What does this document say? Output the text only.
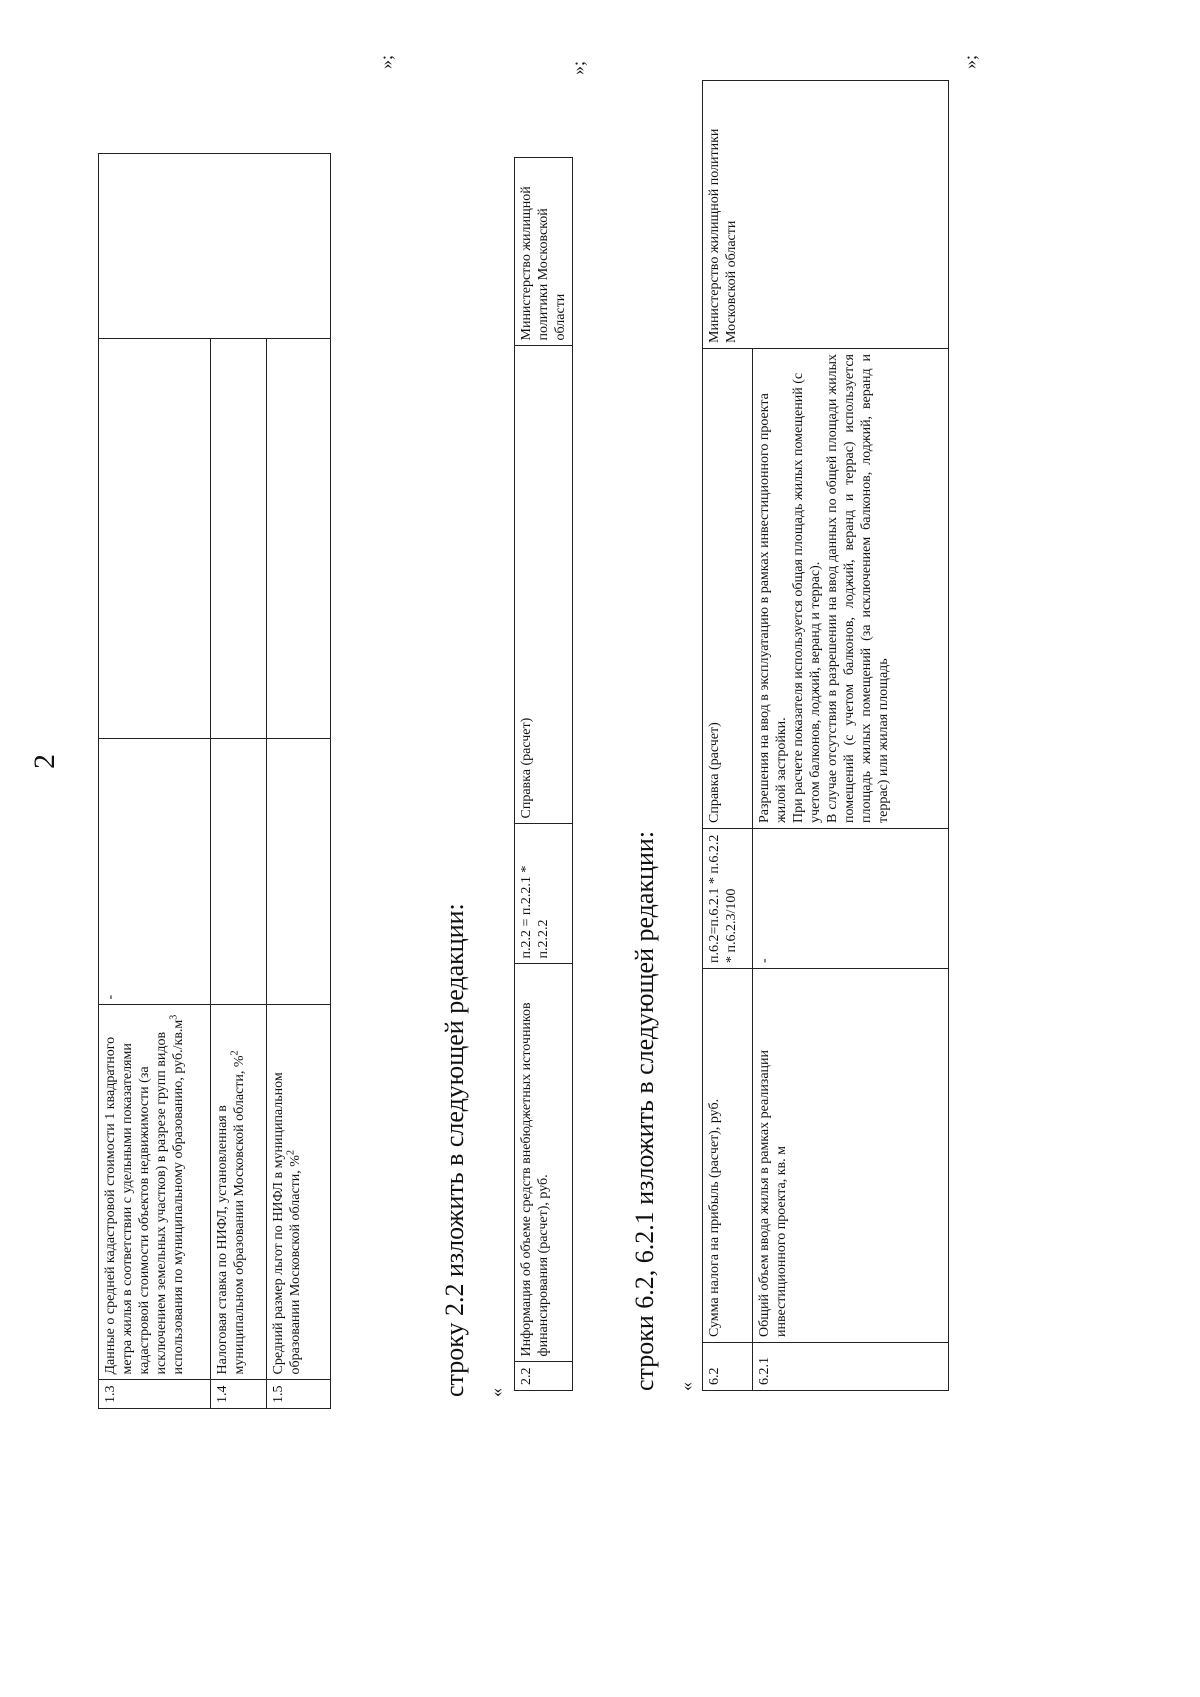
2
1.3	Данные о средней кадастровой стоимости 1 квадратного метра жилья в соответствии с удельными показателями кадастровой стоимости объектов недвижимости (за исключением земельных участков) в разрезе групп видов использования по муниципальному образованию, $руб./кв.м^3$	-		
1.4	Налоговая ставка по НИФЛ, установленная в муниципальном образовании Московской области, %$^2$		
1.5	Средний размер льгот по НИФЛ в муниципальном образовании Московской области, %$^2$		
»;
строку 2.2 изложить в следующей редакции: «
2.2	Информация об объеме средств внебюджетных источников финансирования (расчет), руб.	п.2.2 = п.2.2.1 * п.2.2.2	Справка (расчет)	Министерство жилищной политики Московской области
»;
строки 6.2, 6.2.1 изложить в следующей редакции: «
6.2	Сумма налога на прибыль (расчет), руб.	п.6.2=п.6.2.1 * п.6.2.2 * п.6.2.3/100	Справка (расчет)	Министерство жилищной политики Московской области
6.2.1	Общий объем ввода жилья в рамках реализации инвестиционного проекта, кв. м	-	Разрешения на ввод в эксплуатацию в рамках инвестиционного проекта жилой застройки. При расчете показателя используется общая площадь жилых помещений (с учетом балконов, лоджий, веранд и террас). В случае отсутствия в разрешении на ввод данных по общей площади жилых помещений (с учетом балконов, лоджий, веранд и террас) используется площадь жилых помещений (за исключением балконов, лоджий, веранд и террас) или жилая площадь	
»;
